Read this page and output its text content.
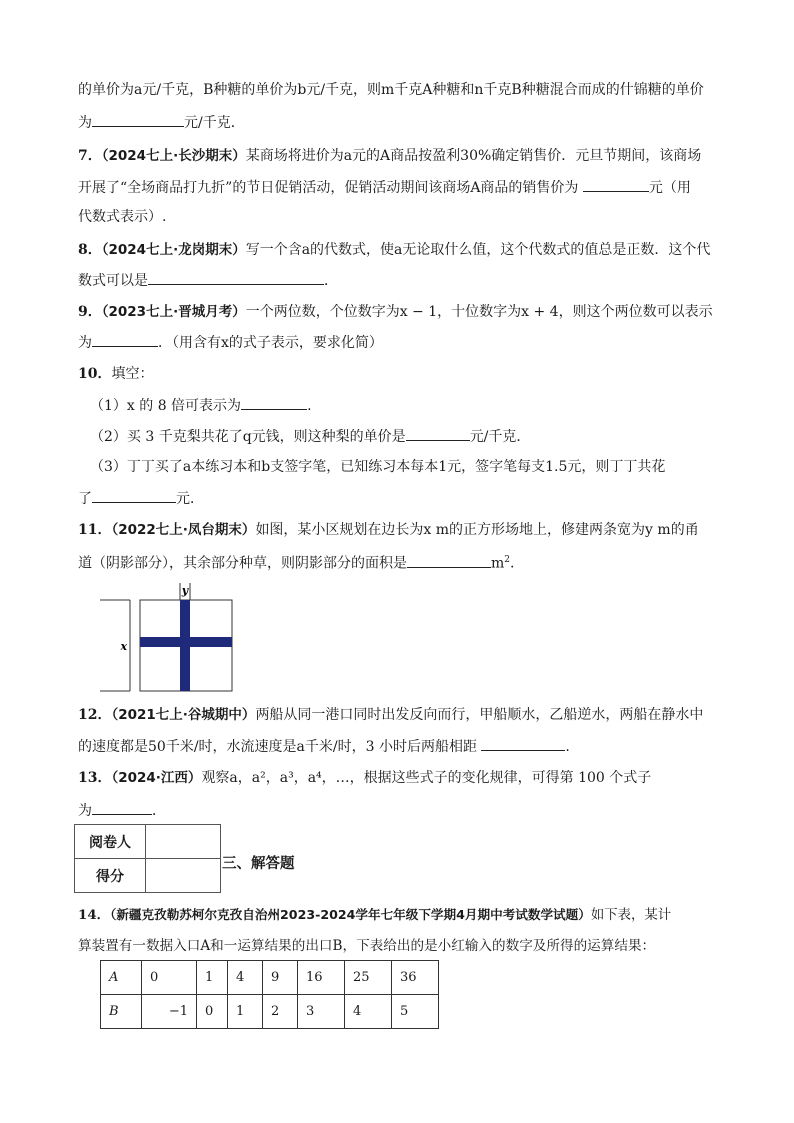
的单价为a元/千克，B种糖的单价为b元/千克，则m千克A种糖和n千克B种糖混合而成的什锦糖的单价
为	元/千克．
7．（2024七上·长沙期末）某商场将进价为a元的A商品按盈利30%确定销售价．元旦节期间，该商场
开展了“全场商品打九折”的节日促销活动，促销活动期间该商场A商品的销售价为	元（用
代数式表示）.
8．（2024七上·龙岗期末）写一个含a的代数式，使a无论取什么值，这个代数式的值总是正数．这个代
数式可以是	．
9．（2023七上·晋城月考）一个两位数，个位数字为x − 1，十位数字为x + 4，则这个两位数可以表示
为	．（用含有x的式子表示，要求化简）
10．填空：
（1）x 的 8 倍可表示为	.
（2）买 3 千克梨共花了q元钱，则这种梨的单价是	元/千克．
（3）丁丁买了a本练习本和b支签字笔，已知练习本每本1元，签字笔每支1.5元，则丁丁共花
了	元．
11．（2022七上·凤台期末）如图，某小区规划在边长为x m的正方形场地上，修建两条宽为y m的甬
道（阴影部分），其余部分种草，则阴影部分的面积是	$m^2$.
x
y
12．（2021七上·谷城期中）两船从同一港口同时出发反向而行，甲船顺水，乙船逆水，两船在静水中
的速度都是50千米/时，水流速度是a千米/时，3 小时后两船相距	.
13．（2024·江西）观察a，a²，a³，a⁴，…，根据这些式子的变化规律，可得第 100 个式子
为	．
阅卷人	
得分	
三、解答题
14．（新疆克孜勒苏柯尔克孜自治州2023-2024学年七年级下学期4月期中考试数学试题）如下表，某计
算装置有一数据入口A和一运算结果的出口B，下表给出的是小红输入的数字及所得的运算结果：
A	0	1	4	9	16	25	36
B	−1	0	1	2	3	4	5
